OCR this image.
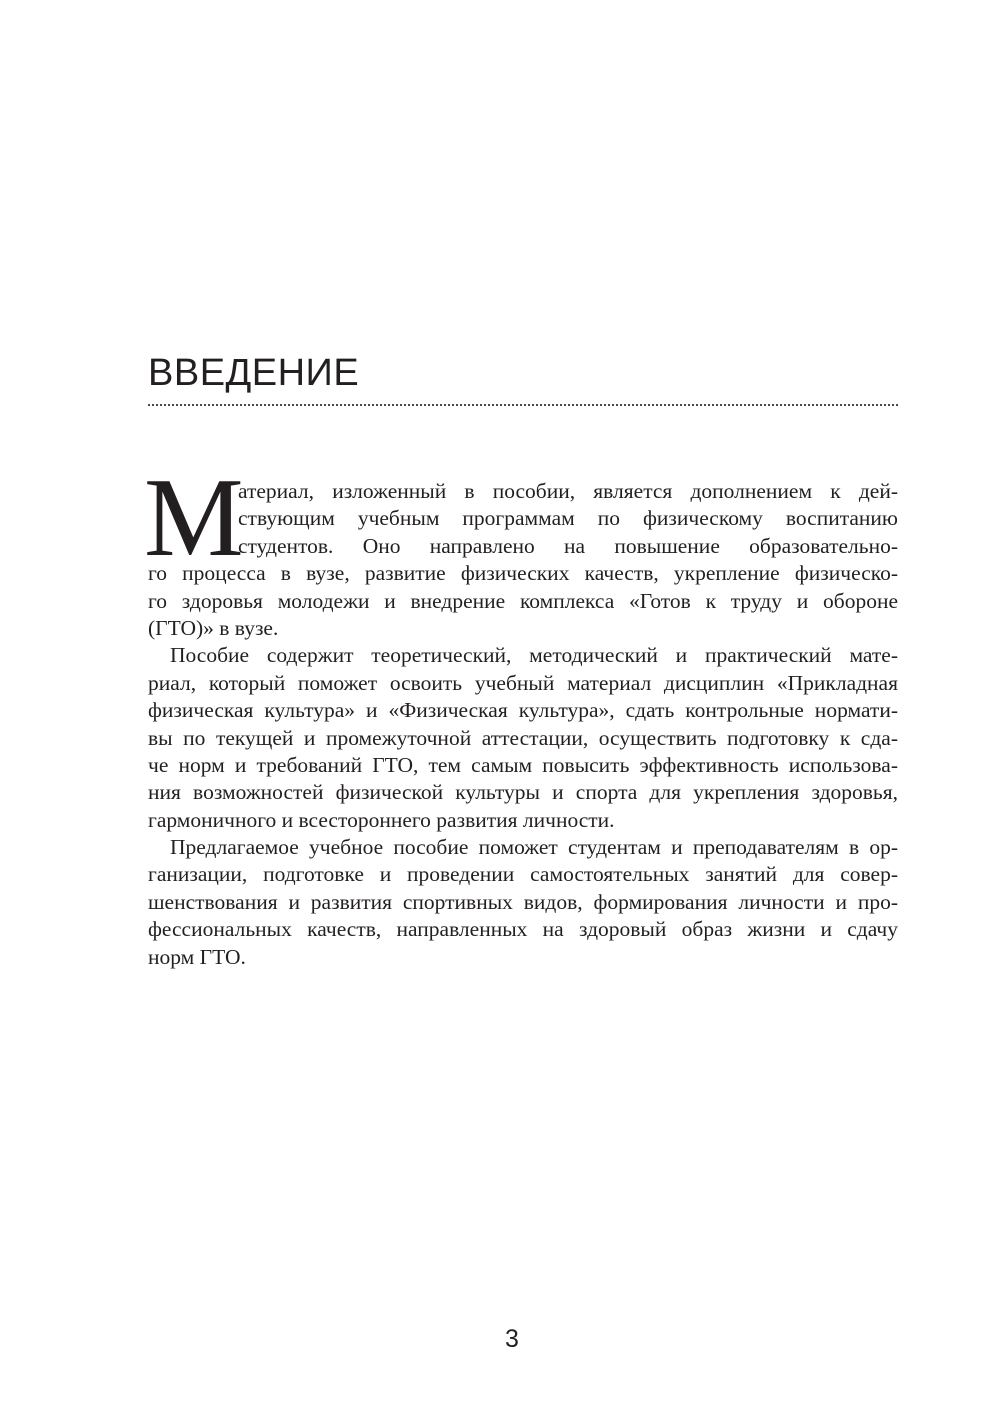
ВВЕДЕНИЕ
М
атериал, изложенный в пособии, является дополнением к дей-
ствующим учебным программам по физическому воспитанию
студентов. Оно направлено на повышение образовательно-
го процесса в вузе, развитие физических качеств, укрепление физическо-
го здоровья молодежи и внедрение комплекса «Готов к труду и обороне
(ГТО)» в вузе.
Пособие содержит теоретический, методический и практический мате-
риал, который поможет освоить учебный материал дисциплин «Прикладная
физическая культура» и «Физическая культура», сдать контрольные нормати-
вы по текущей и промежуточной аттестации, осуществить подготовку к сда-
че норм и требований ГТО, тем самым повысить эффективность использова-
ния возможностей физической культуры и спорта для укрепления здоровья,
гармоничного и всестороннего развития личности.
Предлагаемое учебное пособие поможет студентам и преподавателям в ор-
ганизации, подготовке и проведении самостоятельных занятий для совер-
шенствования и развития спортивных видов, формирования личности и про-
фессиональных качеств, направленных на здоровый образ жизни и сдачу
норм ГТО.
3
